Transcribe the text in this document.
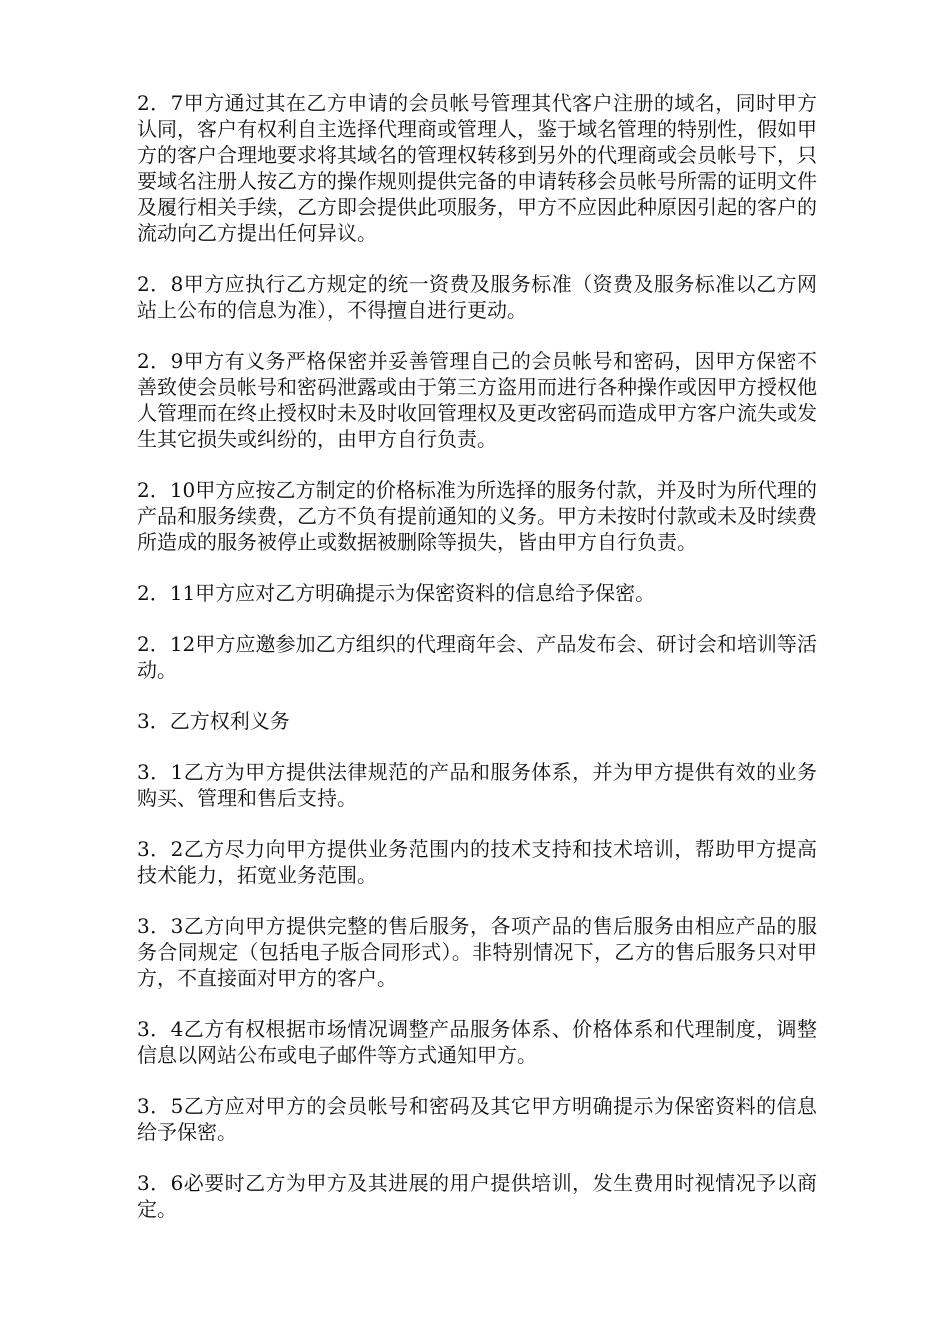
2．7甲方通过其在乙方申请的会员帐号管理其代客户注册的域名，同时甲方认同，客户有权利自主选择代理商或管理人，鉴于域名管理的特别性，假如甲方的客户合理地要求将其域名的管理权转移到另外的代理商或会员帐号下，只要域名注册人按乙方的操作规则提供完备的申请转移会员帐号所需的证明文件及履行相关手续，乙方即会提供此项服务，甲方不应因此种原因引起的客户的流动向乙方提出任何异议。

2．8甲方应执行乙方规定的统一资费及服务标准（资费及服务标准以乙方网站上公布的信息为准），不得擅自进行更动。

2．9甲方有义务严格保密并妥善管理自己的会员帐号和密码，因甲方保密不善致使会员帐号和密码泄露或由于第三方盗用而进行各种操作或因甲方授权他人管理而在终止授权时未及时收回管理权及更改密码而造成甲方客户流失或发生其它损失或纠纷的，由甲方自行负责。

2．10甲方应按乙方制定的价格标准为所选择的服务付款，并及时为所代理的产品和服务续费，乙方不负有提前通知的义务。甲方未按时付款或未及时续费所造成的服务被停止或数据被删除等损失，皆由甲方自行负责。

2．11甲方应对乙方明确提示为保密资料的信息给予保密。

2．12甲方应邀参加乙方组织的代理商年会、产品发布会、研讨会和培训等活动。

3．乙方权利义务

3．1乙方为甲方提供法律规范的产品和服务体系，并为甲方提供有效的业务购买、管理和售后支持。

3．2乙方尽力向甲方提供业务范围内的技术支持和技术培训，帮助甲方提高技术能力，拓宽业务范围。

3．3乙方向甲方提供完整的售后服务，各项产品的售后服务由相应产品的服务合同规定（包括电子版合同形式）。非特别情况下，乙方的售后服务只对甲方，不直接面对甲方的客户。

3．4乙方有权根据市场情况调整产品服务体系、价格体系和代理制度，调整信息以网站公布或电子邮件等方式通知甲方。

3．5乙方应对甲方的会员帐号和密码及其它甲方明确提示为保密资料的信息给予保密。

3．6必要时乙方为甲方及其进展的用户提供培训，发生费用时视情况予以商定。
